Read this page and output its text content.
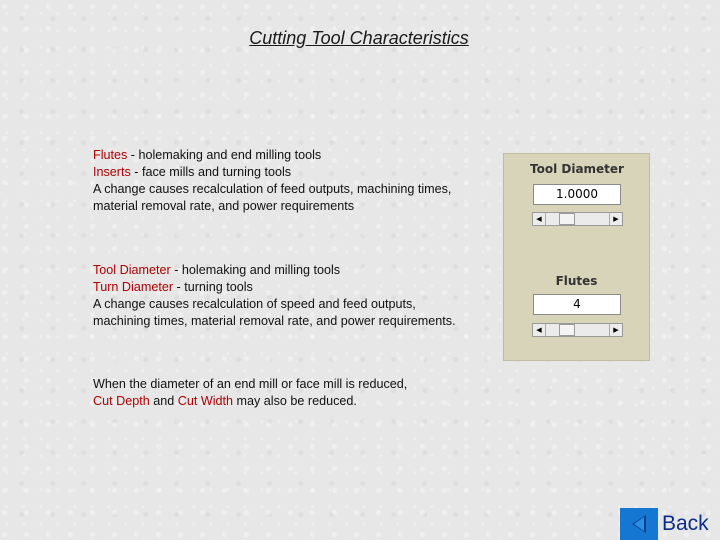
Cutting Tool Characteristics
Flutes - holemaking and end milling tools
Inserts - face mills and turning tools
A change causes recalculation of feed outputs, machining times, material removal rate, and power requirements
Tool Diameter - holemaking and milling tools
Turn Diameter - turning tools
A change causes recalculation of speed and feed outputs, machining times, material removal rate, and power requirements.
When the diameter of an end mill or face mill is reduced, Cut Depth and Cut Width may also be reduced.
Tool Diameter
1.0000
◀	▶
Flutes
4
◀	▶
Back
